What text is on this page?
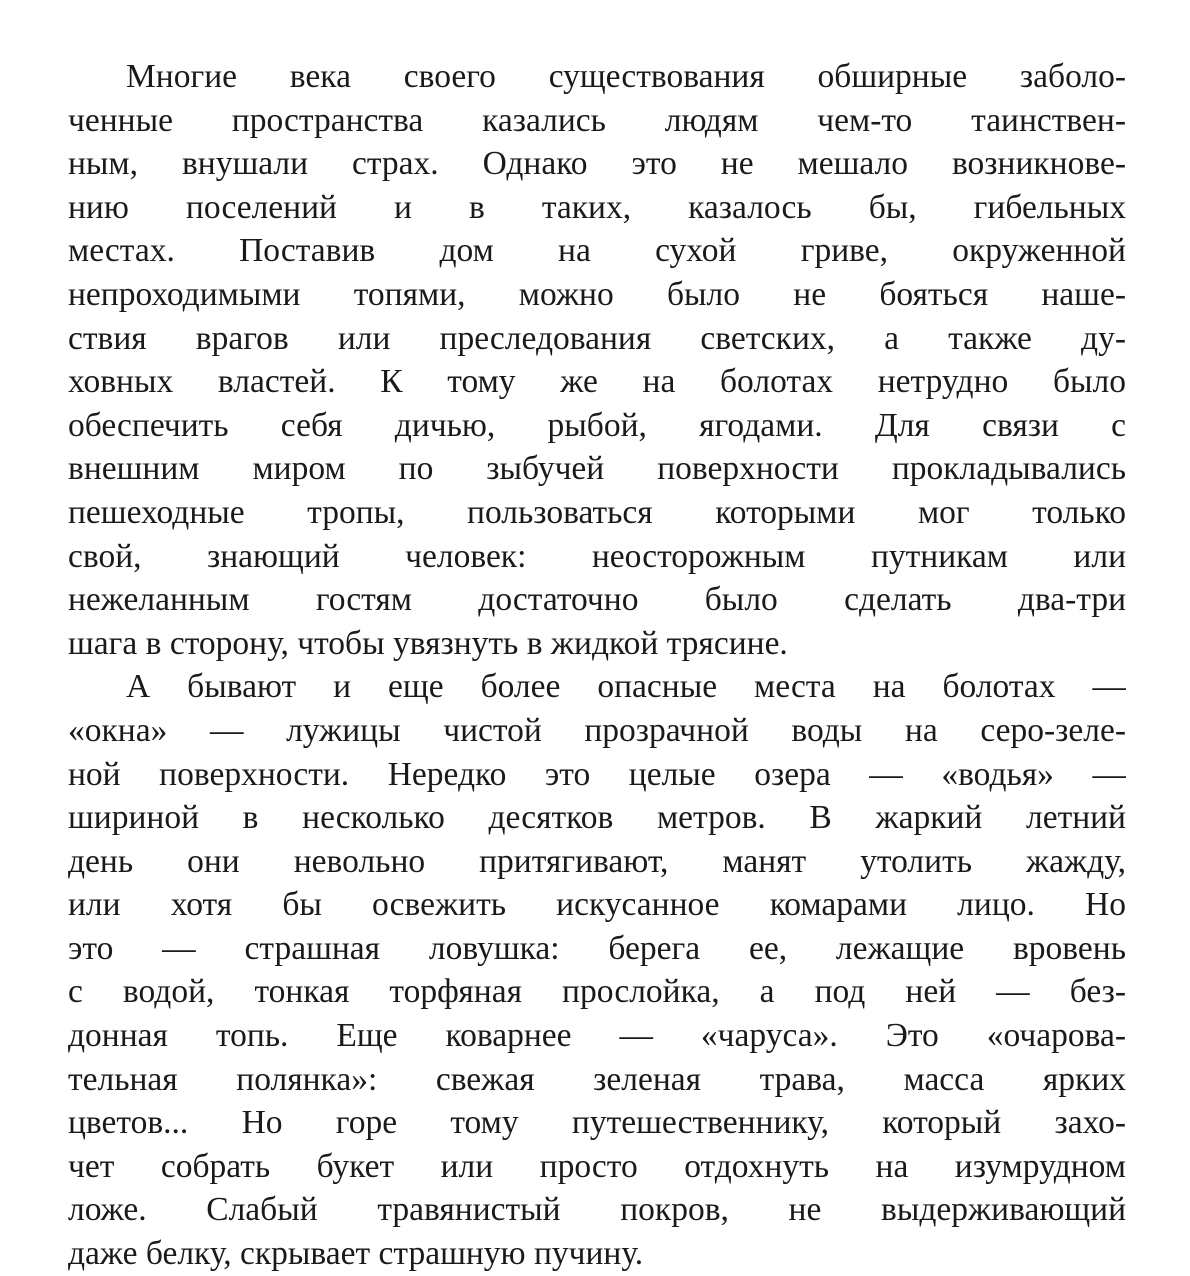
Многие века своего существования обширные заболо-
ченные пространства казались людям чем-то таинствен-
ным, внушали страх. Однако это не мешало возникнове-
нию поселений и в таких, казалось бы, гибельных
местах. Поставив дом на сухой гриве, окруженной
непроходимыми топями, можно было не бояться наше-
ствия врагов или преследования светских, а также ду-
ховных властей. К тому же на болотах нетрудно было
обеспечить себя дичью, рыбой, ягодами. Для связи с
внешним миром по зыбучей поверхности прокладывались
пешеходные тропы, пользоваться которыми мог только
свой, знающий человек: неосторожным путникам или
нежеланным гостям достаточно было сделать два-три
шага в сторону, чтобы увязнуть в жидкой трясине.
А бывают и еще более опасные места на болотах —
«окна» — лужицы чистой прозрачной воды на серо-зеле-
ной поверхности. Нередко это целые озера — «водья» —
шириной в несколько десятков метров. В жаркий летний
день они невольно притягивают, манят утолить жажду,
или хотя бы освежить искусанное комарами лицо. Но
это — страшная ловушка: берега ее, лежащие вровень
с водой, тонкая торфяная прослойка, а под ней — без-
донная топь. Еще коварнее — «чаруса». Это «очарова-
тельная полянка»: свежая зеленая трава, масса ярких
цветов... Но горе тому путешественнику, который захо-
чет собрать букет или просто отдохнуть на изумрудном
ложе. Слабый травянистый покров, не выдерживающий
даже белку, скрывает страшную пучину.
